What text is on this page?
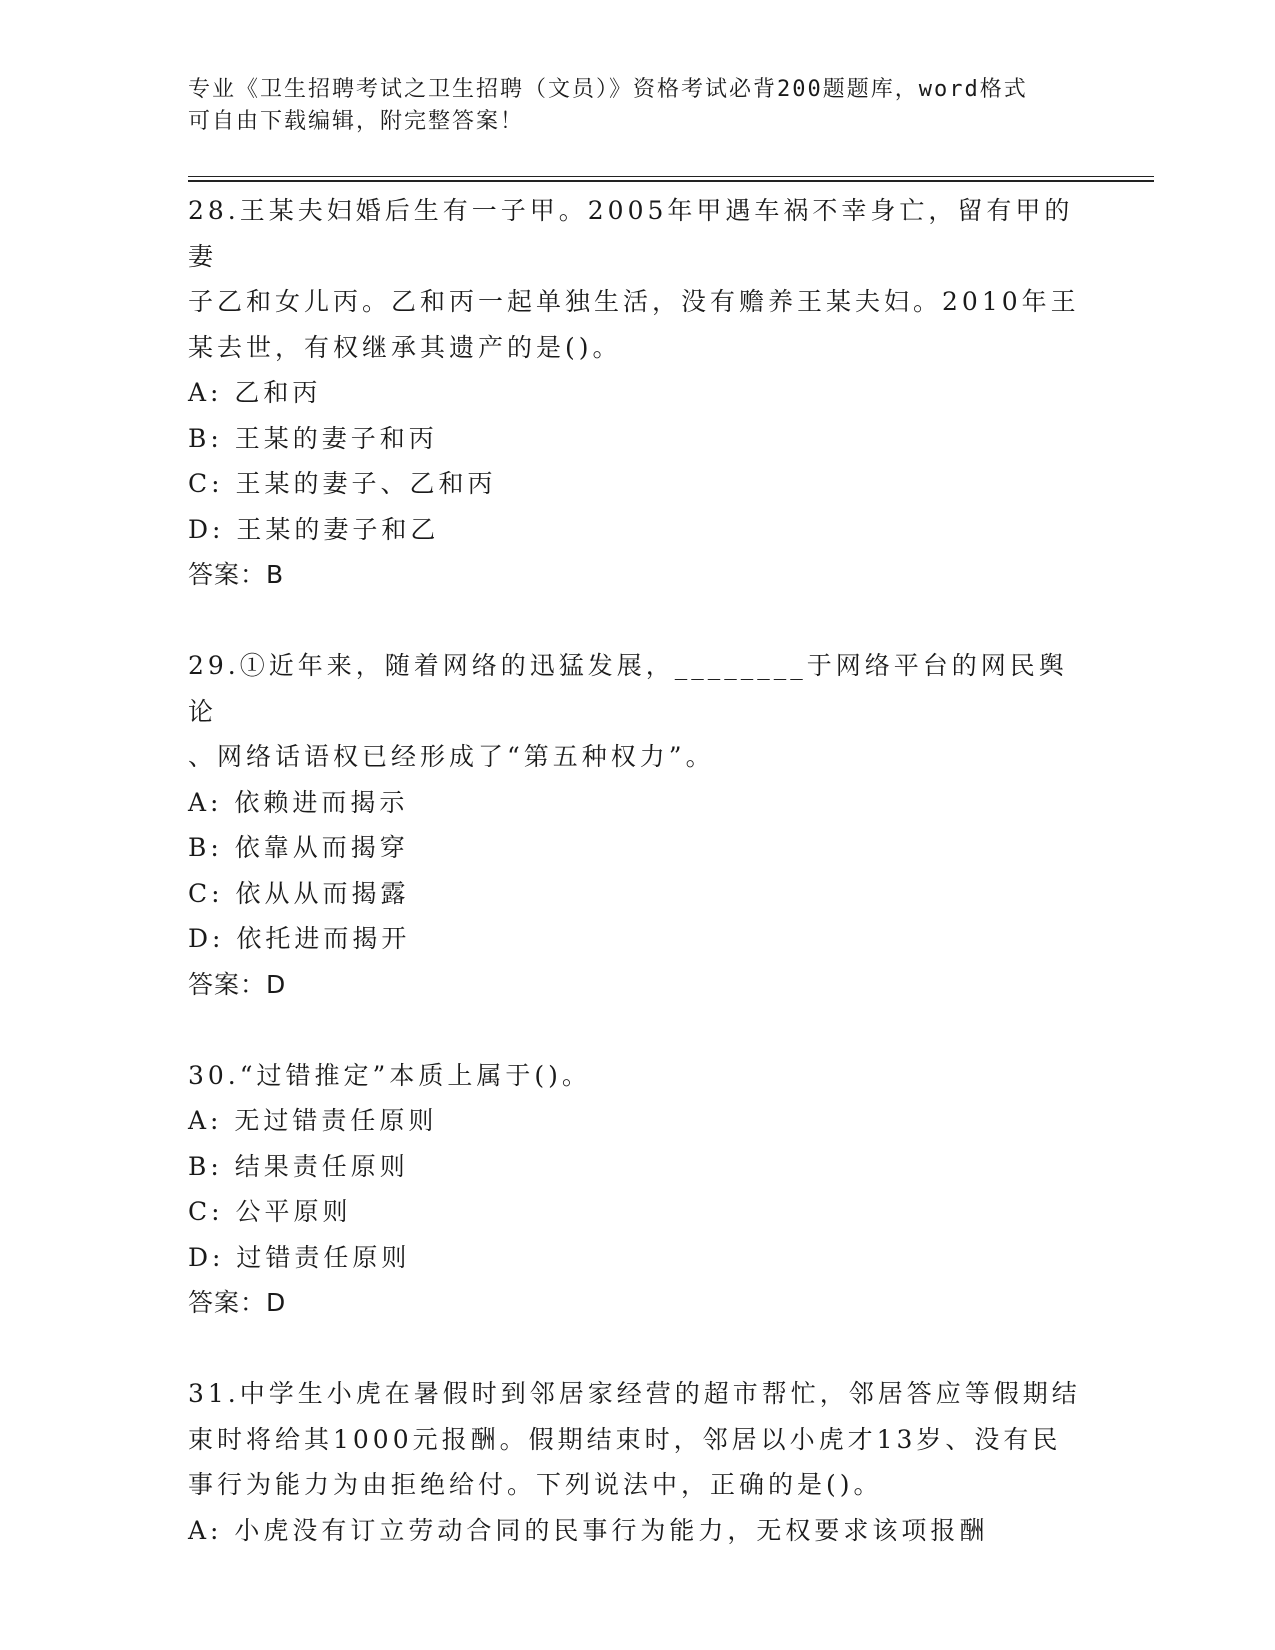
专业《卫生招聘考试之卫生招聘（文员）》资格考试必背200题题库，word格式
可自由下载编辑，附完整答案！

28.王某夫妇婚后生有一子甲。2005年甲遇车祸不幸身亡，留有甲的妻

子乙和女儿丙。乙和丙一起单独生活，没有赡养王某夫妇。2010年王

某去世，有权继承其遗产的是()。

A: 乙和丙

B: 王某的妻子和丙

C: 王某的妻子、乙和丙

D: 王某的妻子和乙

答案：B

29.①近年来，随着网络的迅猛发展，________于网络平台的网民舆论

、网络话语权已经形成了“第五种权力”。

A: 依赖进而揭示

B: 依靠从而揭穿

C: 依从从而揭露

D: 依托进而揭开

答案：D

30.“过错推定”本质上属于()。

A: 无过错责任原则

B: 结果责任原则

C: 公平原则

D: 过错责任原则

答案：D

31.中学生小虎在暑假时到邻居家经营的超市帮忙，邻居答应等假期结

束时将给其1000元报酬。假期结束时，邻居以小虎才13岁、没有民

事行为能力为由拒绝给付。下列说法中，正确的是()。

A: 小虎没有订立劳动合同的民事行为能力，无权要求该项报酬
